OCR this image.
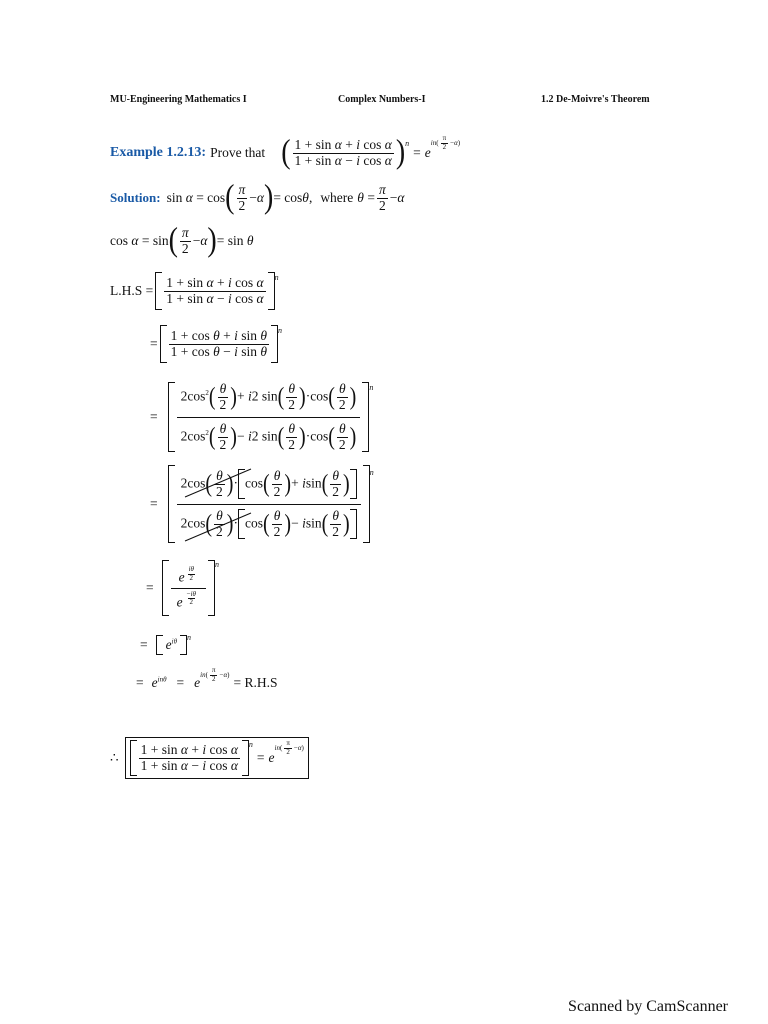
MU-Engineering Mathematics I	Complex Numbers-I	1.2 De-Moivre's Theorem
Example 1.2.13: Prove that ( $\frac{\text{1 + sin α + i cos α}}{\text{1 + sin α − i cos α}}$ ) n
= e
$in( \frac{\pi}{2} -\alpha)$
Solution: sin α = cos ( $\frac{\pi}{2} - \alpha$ ) = cosθ, where $\theta = \frac{\pi}{2} - \alpha$
cos α = sin ( $\frac{\pi}{2} - \alpha$ ) = sin θ
$L.H.S = \frac{\text{1 + sin α + i cos α}}{\text{1 + sin α − i cos α}}$ n
= $\frac{\text{1 + cos θ + i sin θ}}{\text{1 + cos θ − i sin θ}}$ n
= $\frac{2\cos^2( \frac{\theta}{2} )+ i2 \sin( \frac{\theta}{2} )\cdot\cos( \frac{\theta}{2} )}{2\cos^2( \frac{\theta}{2} )- i2 \sin( \frac{\theta}{2} )\cdot\cos( \frac{\theta}{2} )}$ n
= $\frac{2\cos( \frac{\theta}{2} )\cdot \cos( \frac{\theta}{2} )+ isin( \frac{\theta}{2} )}{2\cos( \frac{\theta}{2} )\cdot \cos( \frac{\theta}{2} )- isin( \frac{\theta}{2} )}$ n
= e $^{\frac{i\theta}{2}}$
e $^{\frac{-i\theta}{2}}$
n
= $e^{i\theta}$	n
= $e^{in\theta} = e$
$in( \frac{\pi}{2} -\alpha)$
= R.H.S
∴ $\frac{\text{1 + sin α + i cos α}}{\text{1 + sin α − i cos α}}$ n
= e
$in( \frac{\pi}{2} -\alpha)$
Scanned by CamScanner
